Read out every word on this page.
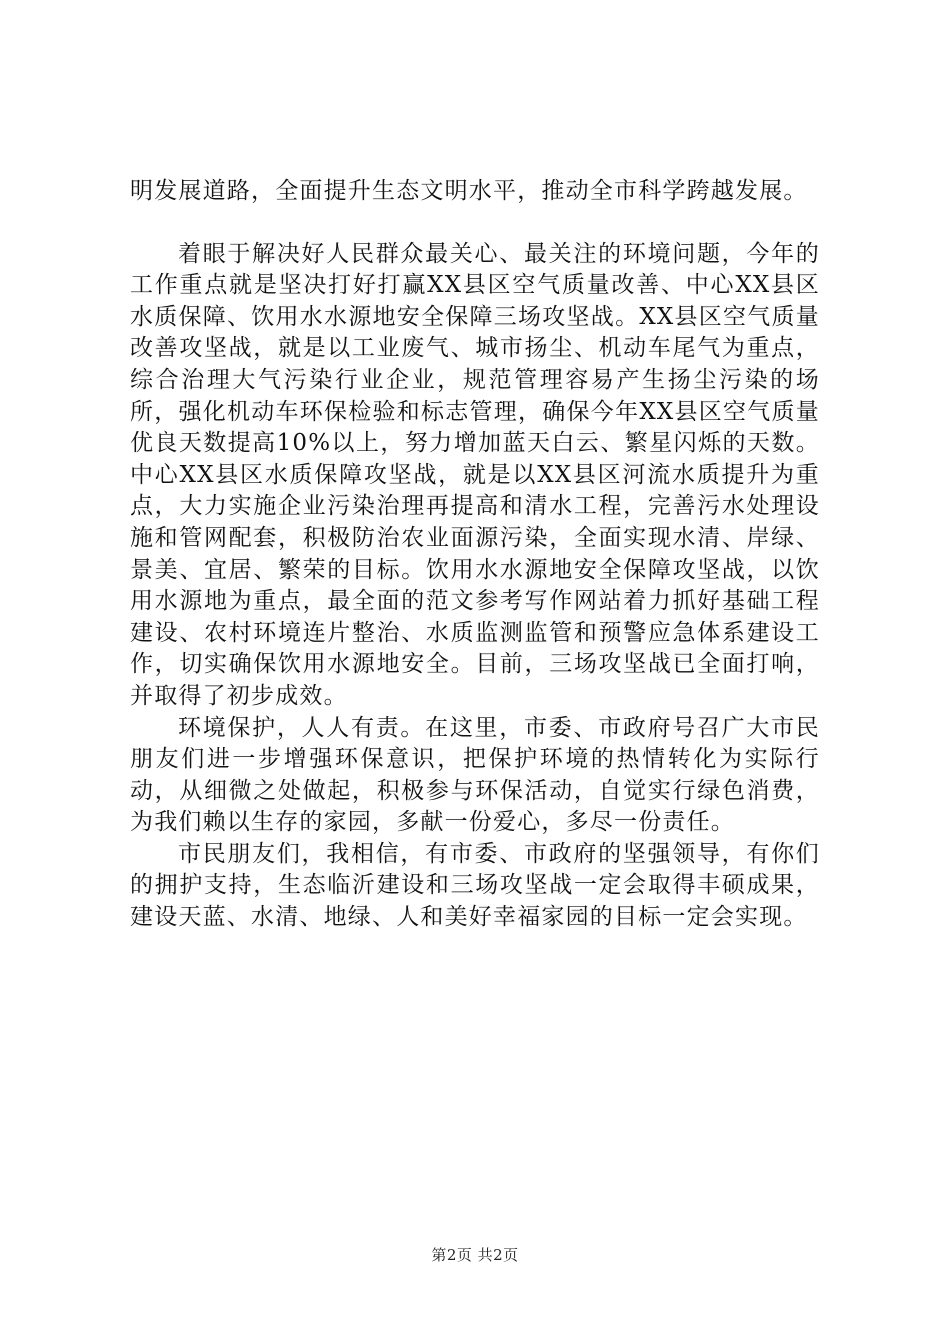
明发展道路，全面提升生态文明水平，推动全市科学跨越发展。

着眼于解决好人民群众最关心、最关注的环境问题，今年的工作重点就是坚决打好打赢XX县区空气质量改善、中心XX县区水质保障、饮用水水源地安全保障三场攻坚战。XX县区空气质量改善攻坚战，就是以工业废气、城市扬尘、机动车尾气为重点，综合治理大气污染行业企业，规范管理容易产生扬尘污染的场所，强化机动车环保检验和标志管理，确保今年XX县区空气质量优良天数提高10%以上，努力增加蓝天白云、繁星闪烁的天数。中心XX县区水质保障攻坚战，就是以XX县区河流水质提升为重点，大力实施企业污染治理再提高和清水工程，完善污水处理设施和管网配套，积极防治农业面源污染，全面实现水清、岸绿、景美、宜居、繁荣的目标。饮用水水源地安全保障攻坚战，以饮用水源地为重点，最全面的范文参考写作网站着力抓好基础工程建设、农村环境连片整治、水质监测监管和预警应急体系建设工作，切实确保饮用水源地安全。目前，三场攻坚战已全面打响，并取得了初步成效。

环境保护，人人有责。在这里，市委、市政府号召广大市民朋友们进一步增强环保意识，把保护环境的热情转化为实际行动，从细微之处做起，积极参与环保活动，自觉实行绿色消费，为我们赖以生存的家园，多献一份爱心，多尽一份责任。

市民朋友们，我相信，有市委、市政府的坚强领导，有你们的拥护支持，生态临沂建设和三场攻坚战一定会取得丰硕成果，建设天蓝、水清、地绿、人和美好幸福家园的目标一定会实现。

第2页 共2页
